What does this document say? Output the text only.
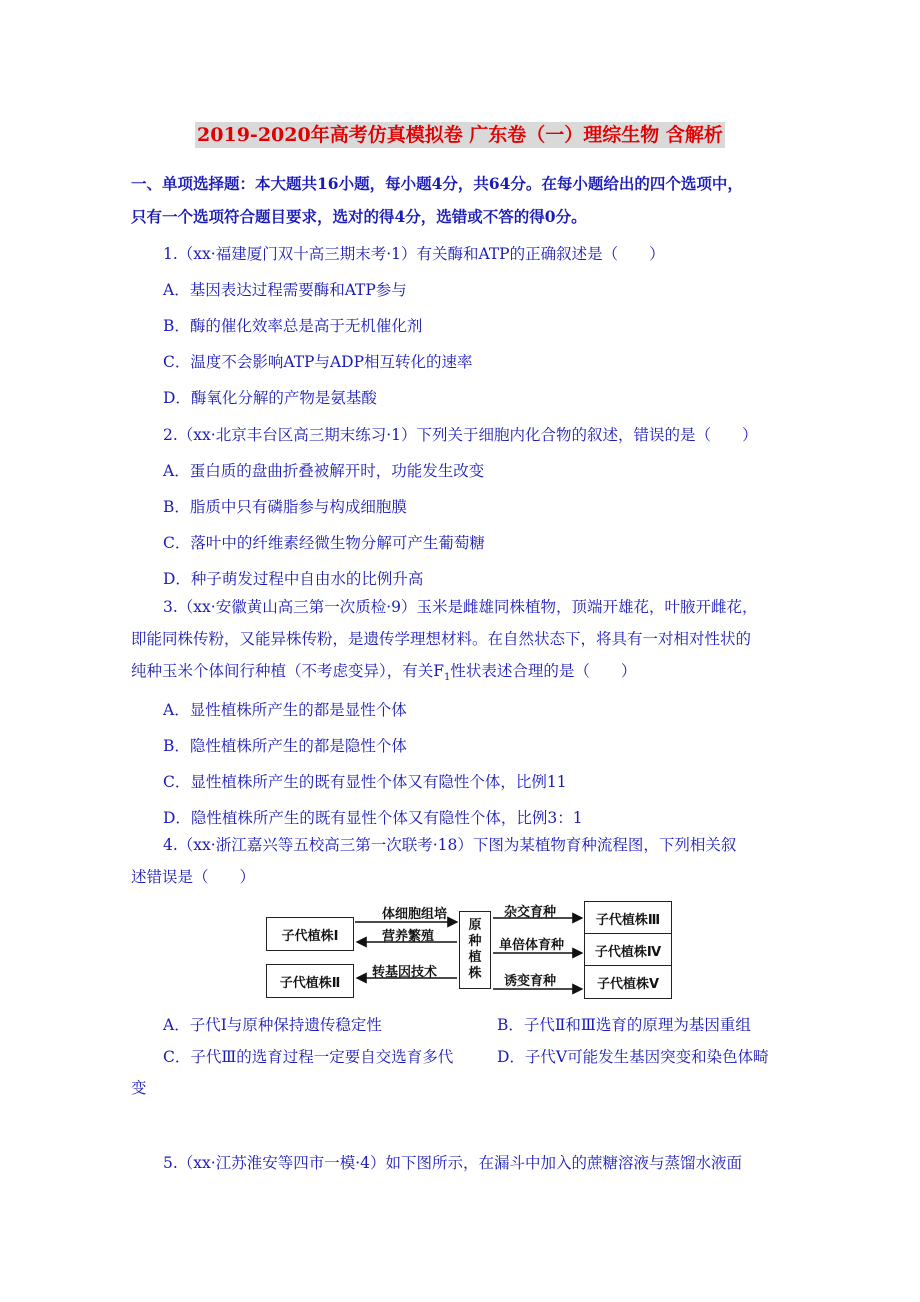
2019-2020年高考仿真模拟卷 广东卷（一）理综生物 含解析
一、单项选择题：本大题共16小题，每小题4分，共64分。在每小题给出的四个选项中，
只有一个选项符合题目要求，选对的得4分，选错或不答的得0分。
1.（xx·福建厦门双十高三期末考·1）有关酶和ATP的正确叙述是（　　）
A．基因表达过程需要酶和ATP参与
B．酶的催化效率总是高于无机催化剂
C．温度不会影响ATP与ADP相互转化的速率
D．酶氧化分解的产物是氨基酸
2.（xx·北京丰台区高三期末练习·1）下列关于细胞内化合物的叙述，错误的是（　　）
A．蛋白质的盘曲折叠被解开时，功能发生改变
B．脂质中只有磷脂参与构成细胞膜
C．落叶中的纤维素经微生物分解可产生葡萄糖
D．种子萌发过程中自由水的比例升高
3.（xx·安徽黄山高三第一次质检·9）玉米是雌雄同株植物，顶端开雄花，叶腋开雌花，
即能同株传粉，又能异株传粉，是遗传学理想材料。在自然状态下，将具有一对相对性状的
纯种玉米个体间行种植（不考虑变异），有关$F_1$性状表述合理的是（　　）
A．显性植株所产生的都是显性个体
B．隐性植株所产生的都是隐性个体
C．显性植株所产生的既有显性个体又有隐性个体，比例11
D．隐性植株所产生的既有显性个体又有隐性个体，比例3：1
4.（xx·浙江嘉兴等五校高三第一次联考·18）下图为某植物育种流程图，下列相关叙
述错误是（　　）
子代植株Ⅰ
子代植株Ⅱ
原种植株
子代植株Ⅲ
子代植株Ⅳ
子代植株Ⅴ
体细胞组培
营养繁殖
转基因技术
杂交育种
单倍体育种
诱变育种
A．子代Ⅰ与原种保持遗传稳定性	B．子代Ⅱ和Ⅲ选育的原理为基因重组
C．子代Ⅲ的选育过程一定要自交选育多代	D．子代Ⅴ可能发生基因突变和染色体畸
变
5.（xx·江苏淮安等四市一模·4）如下图所示，在漏斗中加入的蔗糖溶液与蒸馏水液面
